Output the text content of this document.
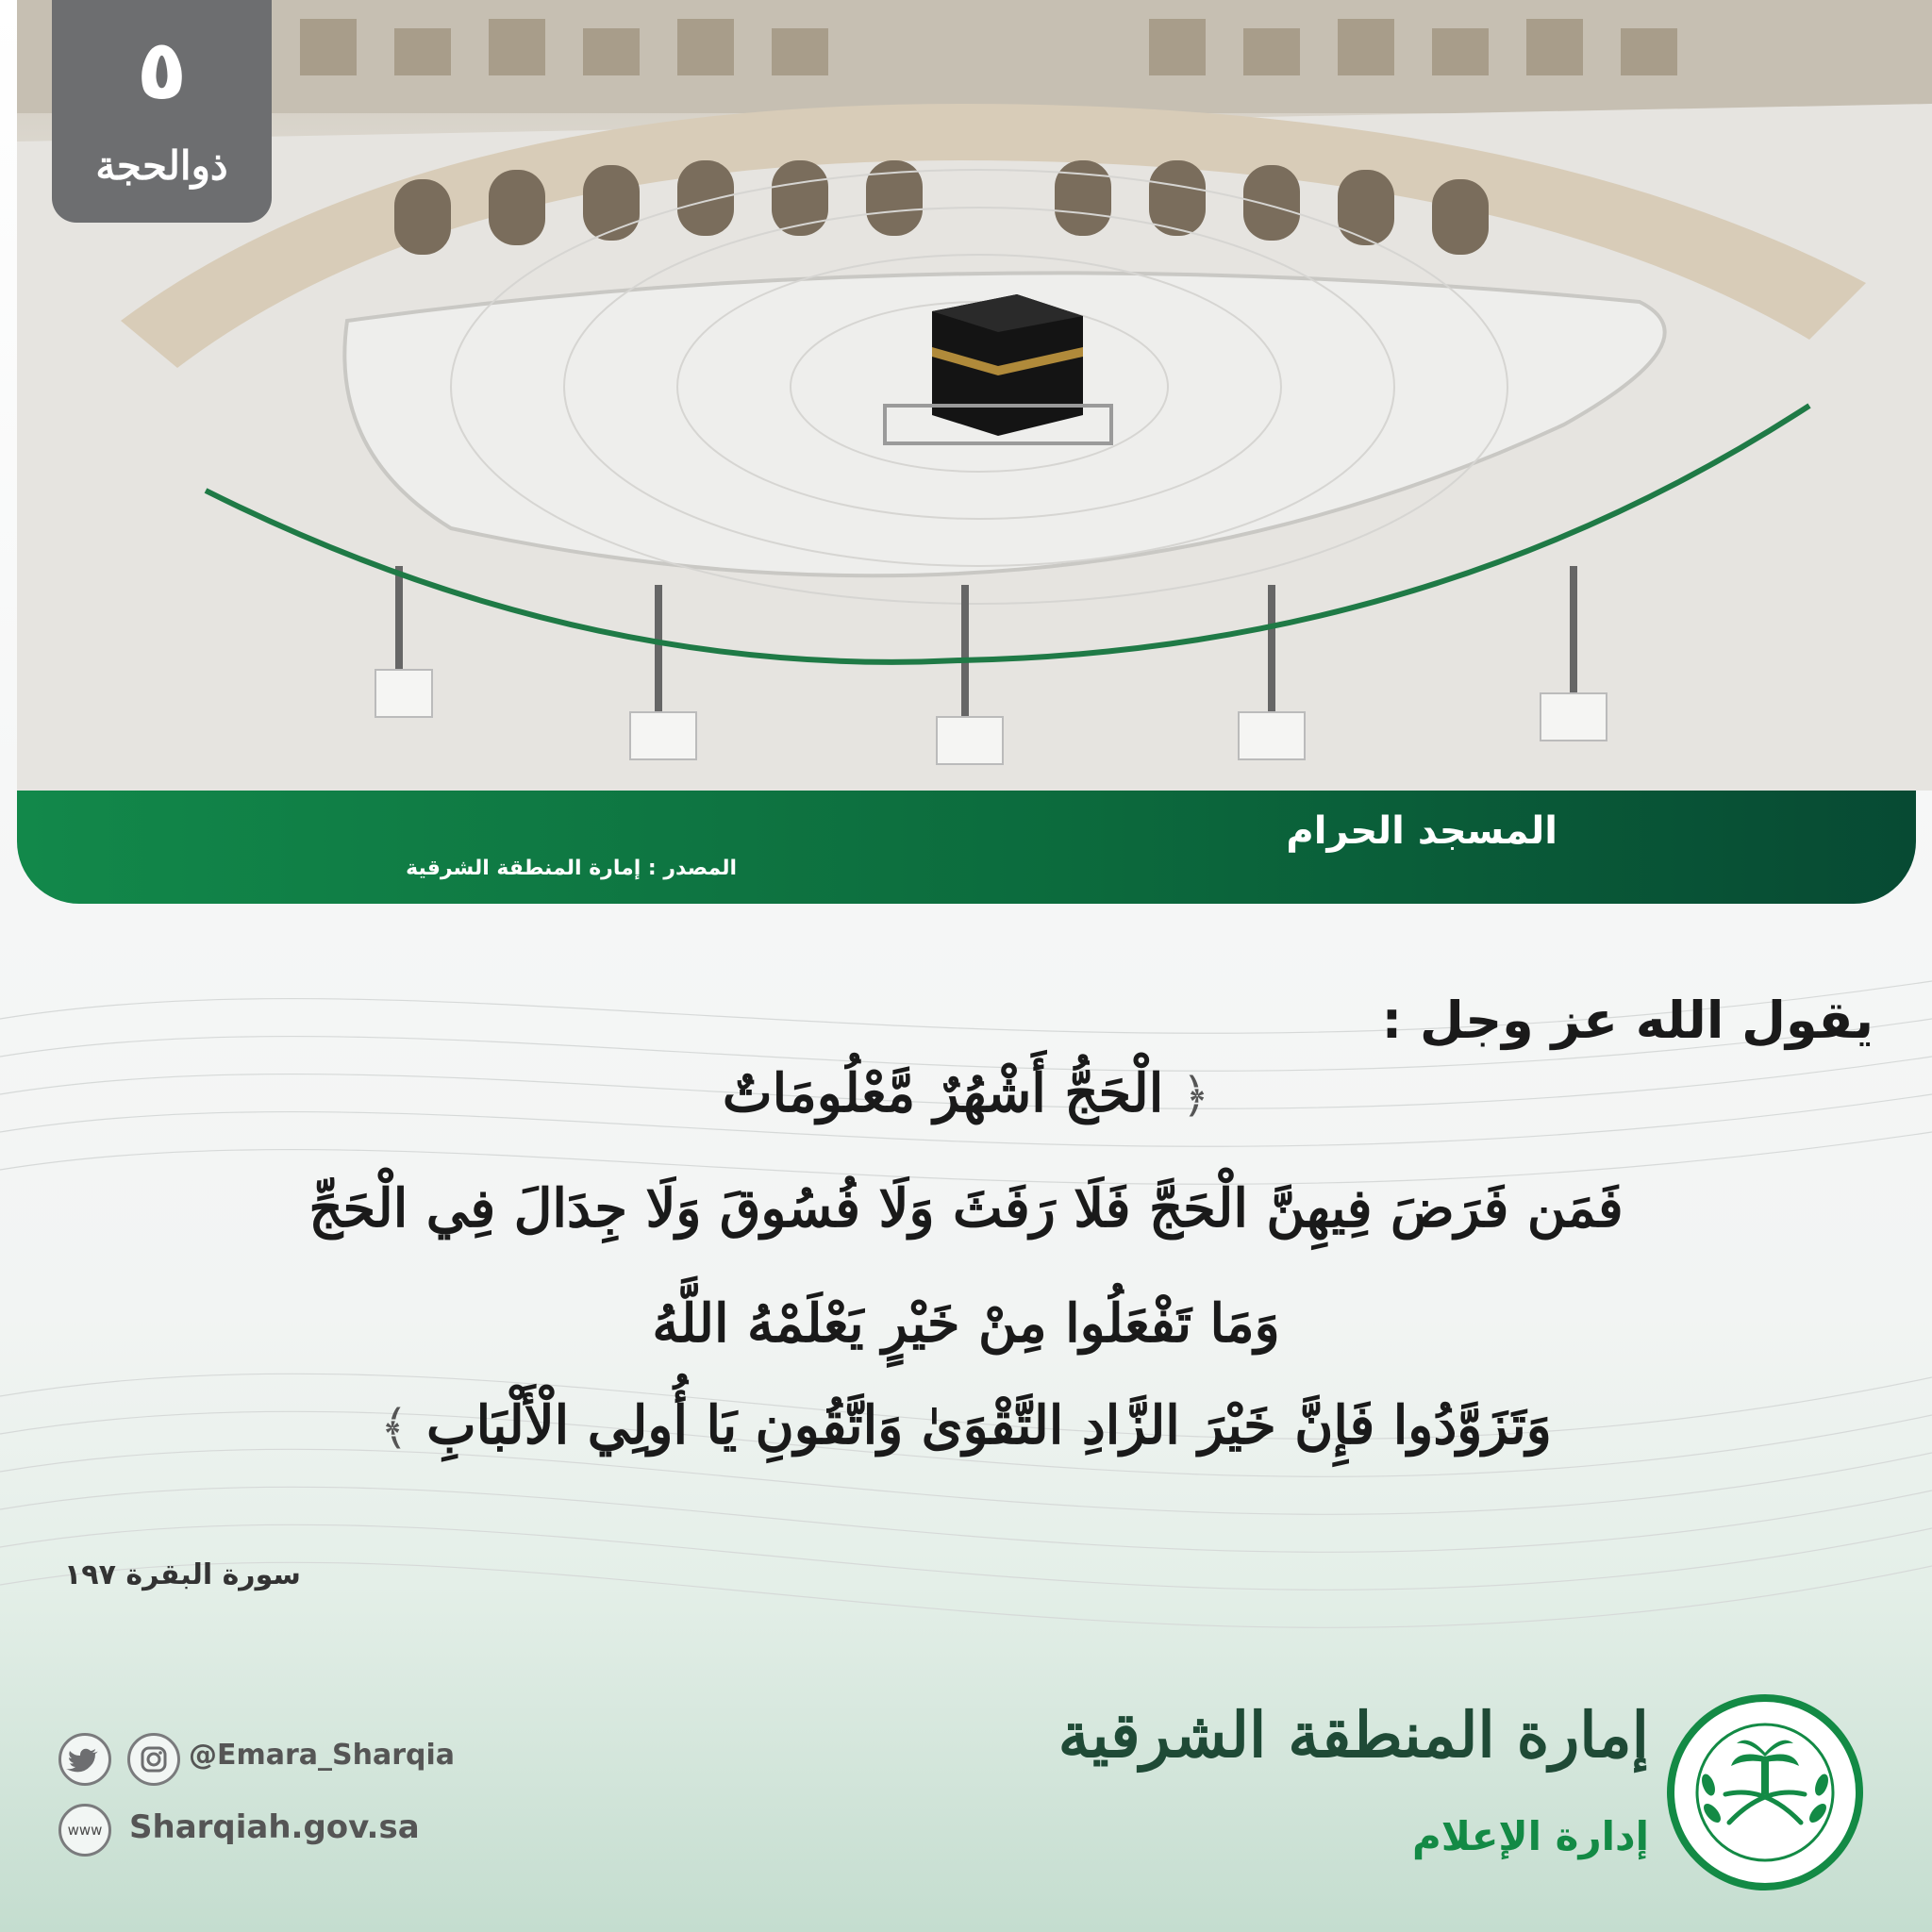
٥
ذوالحجة
المسجد الحرام
المصدر : إمارة المنطقة الشرقية
يقول الله عز وجل :
﴿ الْحَجُّ أَشْهُرٌ مَّعْلُومَاتٌ
فَمَن فَرَضَ فِيهِنَّ الْحَجَّ فَلَا رَفَثَ وَلَا فُسُوقَ وَلَا جِدَالَ فِي الْحَجِّ
وَمَا تَفْعَلُوا مِنْ خَيْرٍ يَعْلَمْهُ اللَّهُ
وَتَزَوَّدُوا فَإِنَّ خَيْرَ الزَّادِ التَّقْوَىٰ وَاتَّقُونِ يَا أُولِي الْأَلْبَابِ ﴾
سورة البقرة ١٩٧
@Emara_Sharqia
www Sharqiah.gov.sa
إمارة المنطقة الشرقية
إدارة الإعلام
